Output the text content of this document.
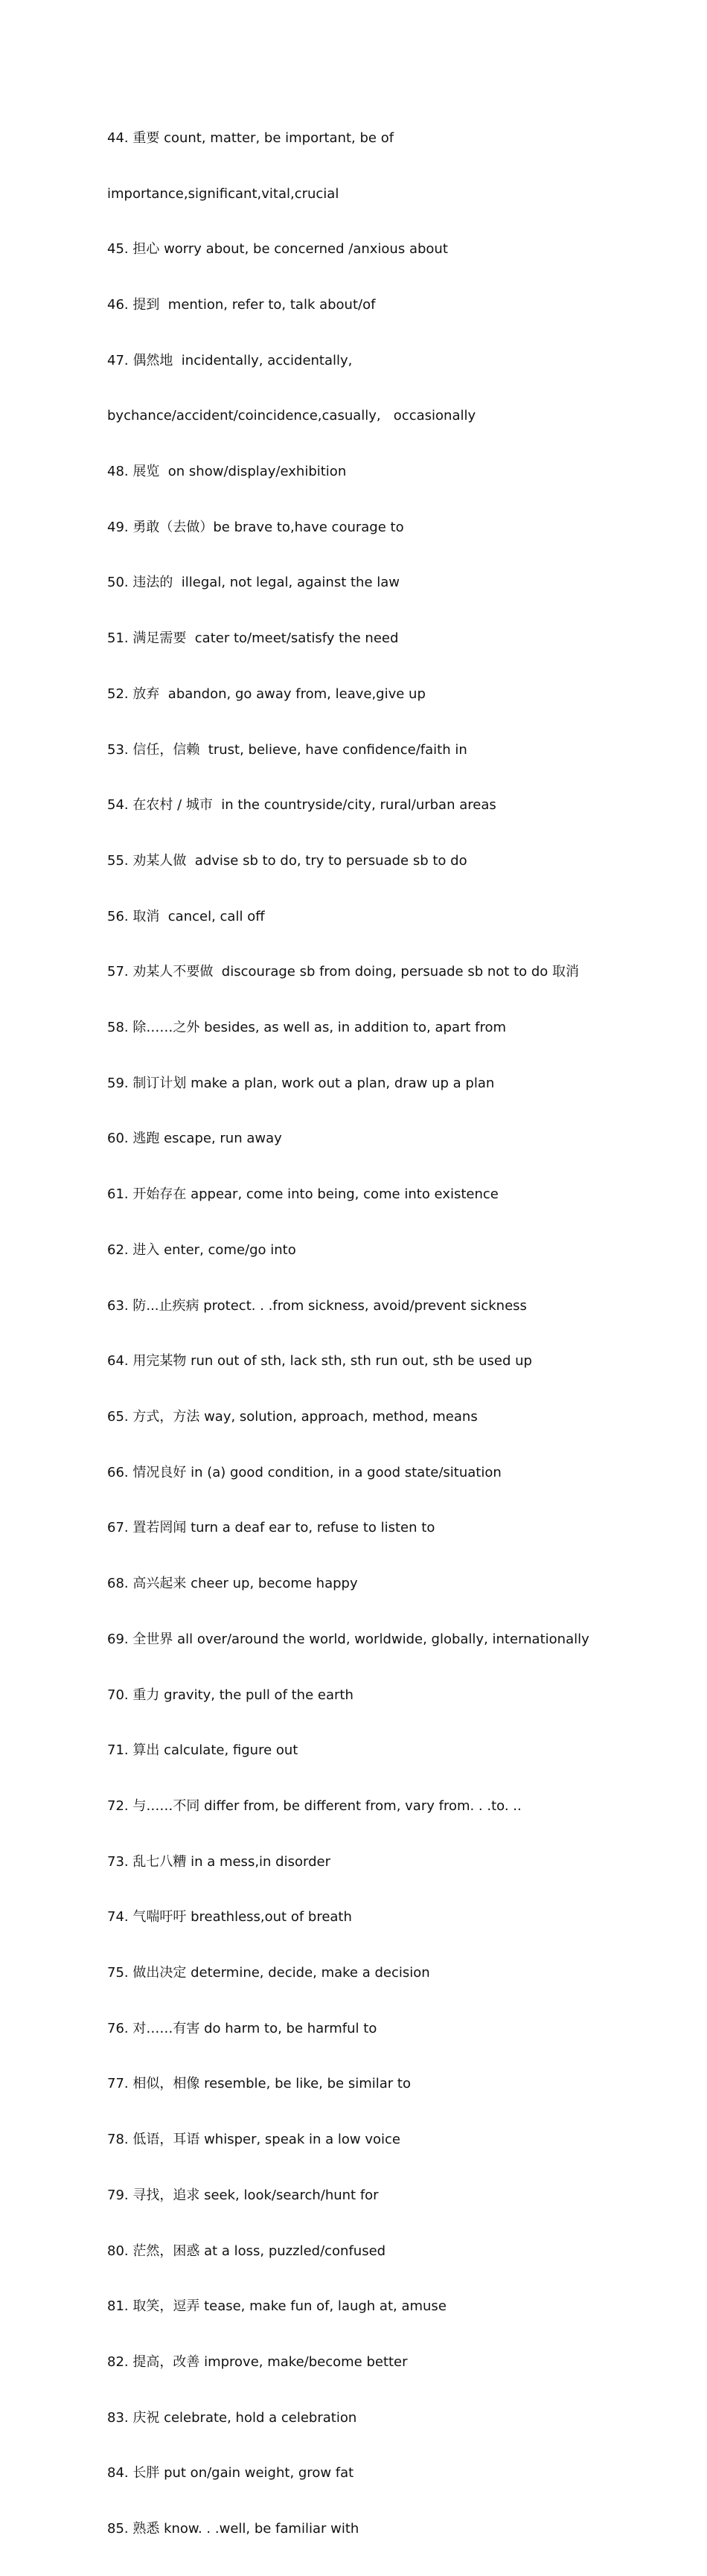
44. 重要 count, matter, be important, be of

importance,significant,vital,crucial

45. 担心 worry about, be concerned /anxious about

46. 提到  mention, refer to, talk about/of

47. 偶然地  incidentally, accidentally,

bychance/accident/coincidence,casually,   occasionally

48. 展览  on show/display/exhibition

49. 勇敢（去做）be brave to,have courage to

50. 违法的  illegal, not legal, against the law

51. 满足需要  cater to/meet/satisfy the need

52. 放弃  abandon, go away from, leave,give up

53. 信任，信赖  trust, believe, have confidence/faith in

54. 在农村 / 城市  in the countryside/city, rural/urban areas

55. 劝某人做  advise sb to do, try to persuade sb to do

56. 取消  cancel, call off

57. 劝某人不要做  discourage sb from doing, persuade sb not to do 取消

58. 除……之外 besides, as well as, in addition to, apart from

59. 制订计划 make a plan, work out a plan, draw up a plan

60. 逃跑 escape, run away

61. 开始存在 appear, come into being, come into existence

62. 进入 enter, come/go into

63. 防...止疾病 protect. . .from sickness, avoid/prevent sickness

64. 用完某物 run out of sth, lack sth, sth run out, sth be used up

65. 方式，方法 way, solution, approach, method, means

66. 情况良好 in (a) good condition, in a good state/situation

67. 置若罔闻 turn a deaf ear to, refuse to listen to

68. 高兴起来 cheer up, become happy

69. 全世界 all over/around the world, worldwide, globally, internationally

70. 重力 gravity, the pull of the earth

71. 算出 calculate, figure out

72. 与……不同 differ from, be different from, vary from. . .to. ..

73. 乱七八糟 in a mess,in disorder

74. 气喘吁吁 breathless,out of breath

75. 做出决定 determine, decide, make a decision

76. 对……有害 do harm to, be harmful to

77. 相似，相像 resemble, be like, be similar to

78. 低语，耳语 whisper, speak in a low voice

79. 寻找，追求 seek, look/search/hunt for

80. 茫然，困惑 at a loss, puzzled/confused

81. 取笑，逗弄 tease, make fun of, laugh at, amuse

82. 提高，改善 improve, make/become better

83. 庆祝 celebrate, hold a celebration

84. 长胖 put on/gain weight, grow fat

85. 熟悉 know. . .well, be familiar with
